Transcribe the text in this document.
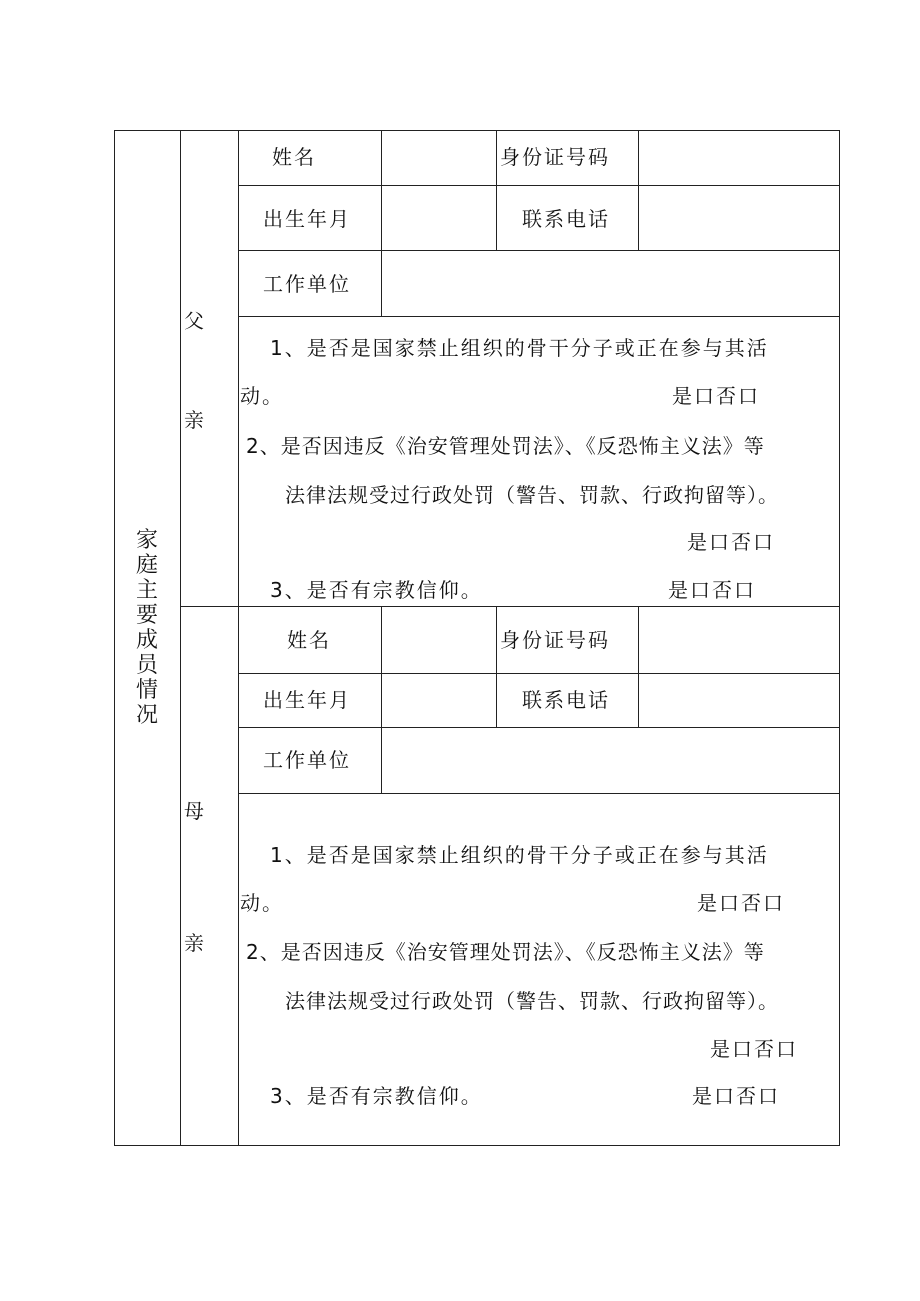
家庭主要成员情况
父
亲
姓名	身份证号码
出生年月	联系电话
工作单位
1、是否是国家禁止组织的骨干分子或正在参与其活
动。	是口否口
2、是否因违反《治安管理处罚法》、《反恐怖主义法》等
法律法规受过行政处罚（警告、罚款、行政拘留等）。
是口否口
3、是否有宗教信仰。	是口否口
母
亲
姓名	身份证号码
出生年月	联系电话
工作单位
1、是否是国家禁止组织的骨干分子或正在参与其活
动。	是口否口
2、是否因违反《治安管理处罚法》、《反恐怖主义法》等
法律法规受过行政处罚（警告、罚款、行政拘留等）。
是口否口
3、是否有宗教信仰。	是口否口
